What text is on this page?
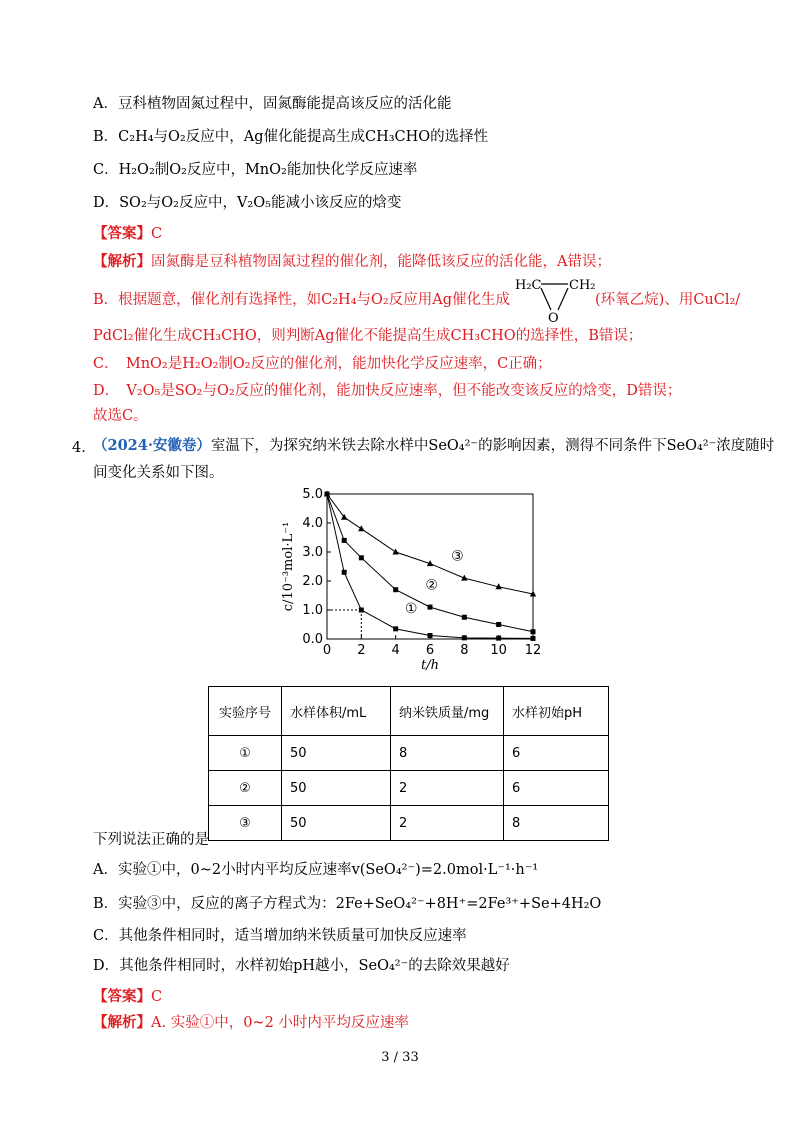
A．豆科植物固氮过程中，固氮酶能提高该反应的活化能
B．C₂H₄与O₂反应中，Ag催化能提高生成CH₃CHO的选择性
C．H₂O₂制O₂反应中，MnO₂能加快化学反应速率
D．SO₂与O₂反应中，V₂O₅能减小该反应的焓变
【答案】C
【解析】固氮酶是豆科植物固氮过程的催化剂，能降低该反应的活化能，A错误；
B．根据题意，催化剂有选择性，如C₂H₄与O₂反应用Ag催化生成
H₂C CH₂
O
(环氧乙烷)、用CuCl₂/
PdCl₂催化生成CH₃CHO，则判断Ag催化不能提高生成CH₃CHO的选择性，B错误；
C．　MnO₂是H₂O₂制O₂反应的催化剂，能加快化学反应速率，C正确；
D．　V₂O₅是SO₂与O₂反应的催化剂，能加快反应速率，但不能改变该反应的焓变，D错误；
故选C。
4．
（2024·安徽卷）室温下，为探究纳米铁去除水样中SeO₄²⁻的影响因素，测得不同条件下SeO₄²⁻浓度随时
间变化关系如下图。
0 2 4 6 8 10 12
0.0
1.0
2.0
3.0
4.0
5.0
t/h
c/10⁻³mol·L⁻¹	①
②
③
实验序号	水样体积/mL	纳米铁质量/mg	水样初始pH
①	50	8	6
②	50	2	6
③	50	2	8
下列说法正确的是
A．实验①中，0~2小时内平均反应速率v(SeO₄²⁻)=2.0mol·L⁻¹·h⁻¹
B．实验③中，反应的离子方程式为：2Fe+SeO₄²⁻+8H⁺=2Fe³⁺+Se+4H₂O
C．其他条件相同时，适当增加纳米铁质量可加快反应速率
D．其他条件相同时，水样初始pH越小，SeO₄²⁻的去除效果越好
【答案】C
【解析】A. 实验①中，0~2 小时内平均反应速率
3 / 33
